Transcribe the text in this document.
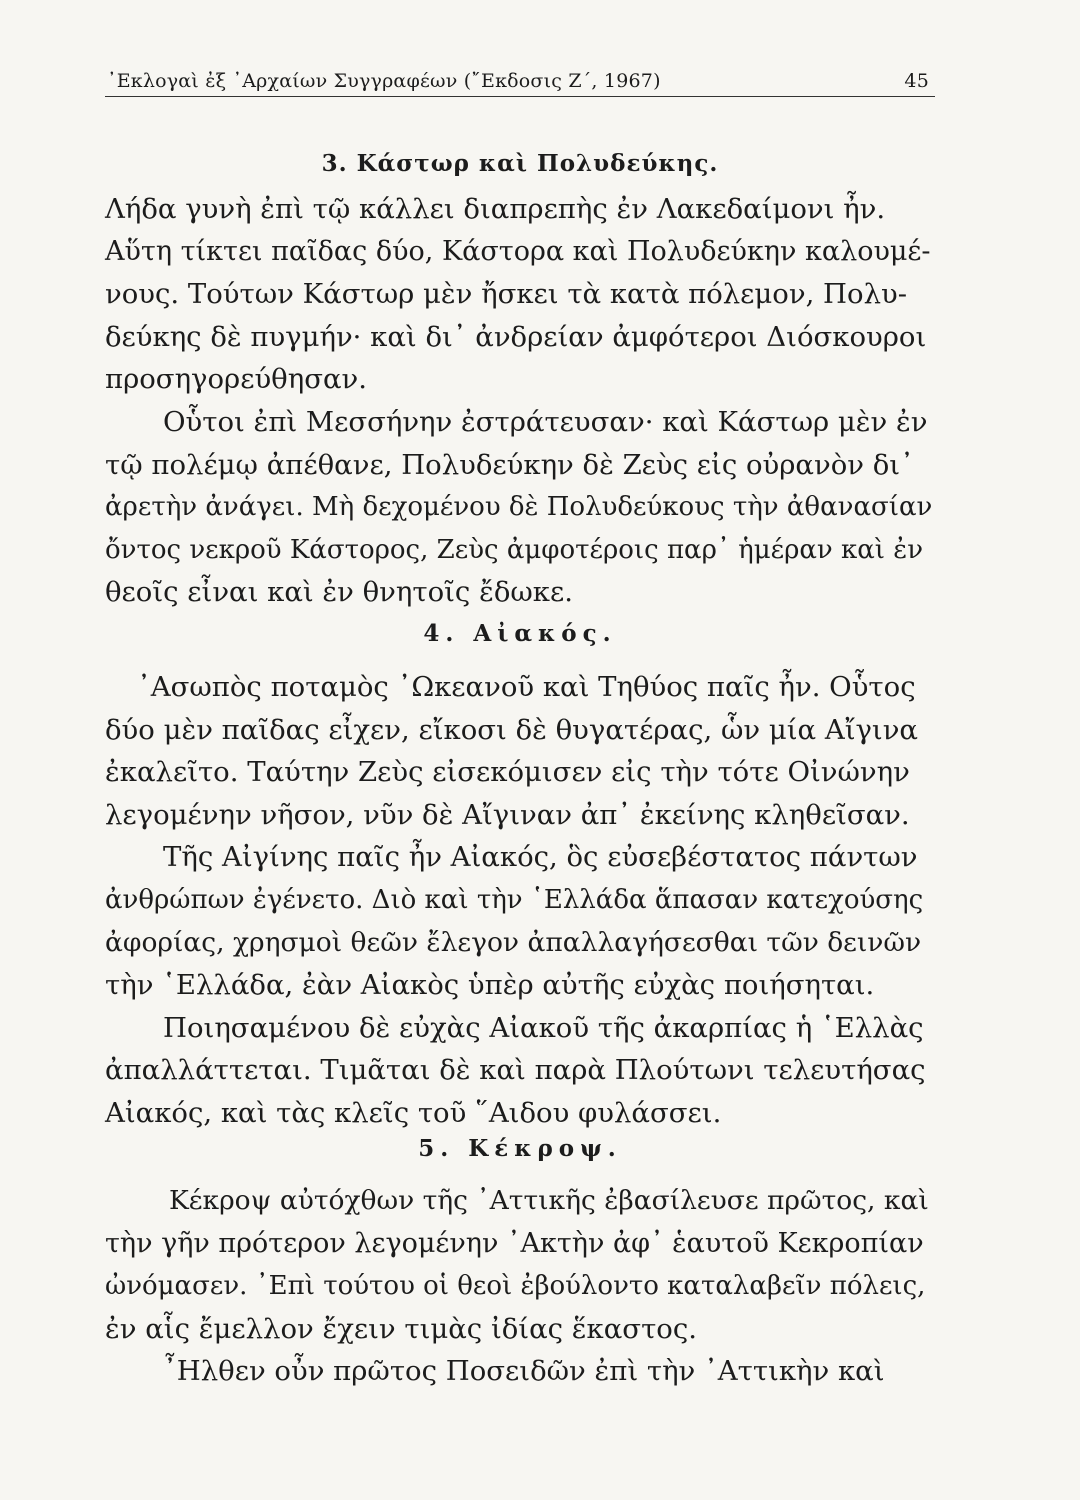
᾿Εκλογαὶ ἐξ ᾿Αρχαίων Συγγραφέων (῎Εκδοσις Ζ΄, 1967)	45
3. Κάστωρ καὶ Πολυδεύκης.

Λήδα γυνὴ ἐπὶ τῷ κάλλει διαπρεπὴς ἐν Λακεδαίμονι ἦν.
Αὕτη τίκτει παῖδας δύο, Κάστορα καὶ Πολυδεύκην καλουμέ-
νους. Τούτων Κάστωρ μὲν ἤσκει τὰ κατὰ πόλεμον, Πολυ-
δεύκης δὲ πυγμήν· καὶ δι᾿ ἀνδρείαν ἀμφότεροι Διόσκουροι
προσηγορεύθησαν.

Οὗτοι ἐπὶ Μεσσήνην ἐστράτευσαν· καὶ Κάστωρ μὲν ἐν

τῷ πολέμῳ ἀπέθανε, Πολυδεύκην δὲ Ζεὺς εἰς οὐρανὸν δι᾿
ἀρετὴν ἀνάγει. Μὴ δεχομένου δὲ Πολυδεύκους τὴν ἀθανασίαν
ὄντος νεκροῦ Κάστορος, Ζεὺς ἀμφοτέροις παρ᾿ ἡμέραν καὶ ἐν
θεοῖς εἶναι καὶ ἐν θνητοῖς ἔδωκε.

4. Αἰακός.

᾿Ασωπὸς ποταμὸς ᾿Ωκεανοῦ καὶ Τηθύος παῖς ἦν. Οὗτος

δύο μὲν παῖδας εἶχεν, εἴκοσι δὲ θυγατέρας, ὧν μία Αἴγινα
ἐκαλεῖτο. Ταύτην Ζεὺς εἰσεκόμισεν εἰς τὴν τότε Οἰνώνην
λεγομένην νῆσον, νῦν δὲ Αἴγιναν ἀπ᾿ ἐκείνης κληθεῖσαν.

Τῆς Αἰγίνης παῖς ἦν Αἰακός, ὃς εὐσεβέστατος πάντων

ἀνθρώπων ἐγένετο. Διὸ καὶ τὴν ῾Ελλάδα ἅπασαν κατεχούσης
ἀφορίας, χρησμοὶ θεῶν ἔλεγον ἀπαλλαγήσεσθαι τῶν δεινῶν
τὴν ῾Ελλάδα, ἐὰν Αἰακὸς ὑπὲρ αὐτῆς εὐχὰς ποιήσηται.

Ποιησαμένου δὲ εὐχὰς Αἰακοῦ τῆς ἀκαρπίας ἡ ῾Ελλὰς

ἀπαλλάττεται. Τιμᾶται δὲ καὶ παρὰ Πλούτωνι τελευτήσας
Αἰακός, καὶ τὰς κλεῖς τοῦ ῞Αιδου φυλάσσει.

5. Κέκροψ.

Κέκροψ αὐτόχθων τῆς ᾿Αττικῆς ἐβασίλευσε πρῶτος, καὶ

τὴν γῆν πρότερον λεγομένην ᾿Ακτὴν ἀφ᾿ ἑαυτοῦ Κεκροπίαν
ὠνόμασεν. ᾿Επὶ τούτου οἱ θεοὶ ἐβούλοντο καταλαβεῖν πόλεις,
ἐν αἷς ἔμελλον ἔχειν τιμὰς ἰδίας ἕκαστος.

῏Ηλθεν οὖν πρῶτος Ποσειδῶν ἐπὶ τὴν ᾿Αττικὴν καὶ
